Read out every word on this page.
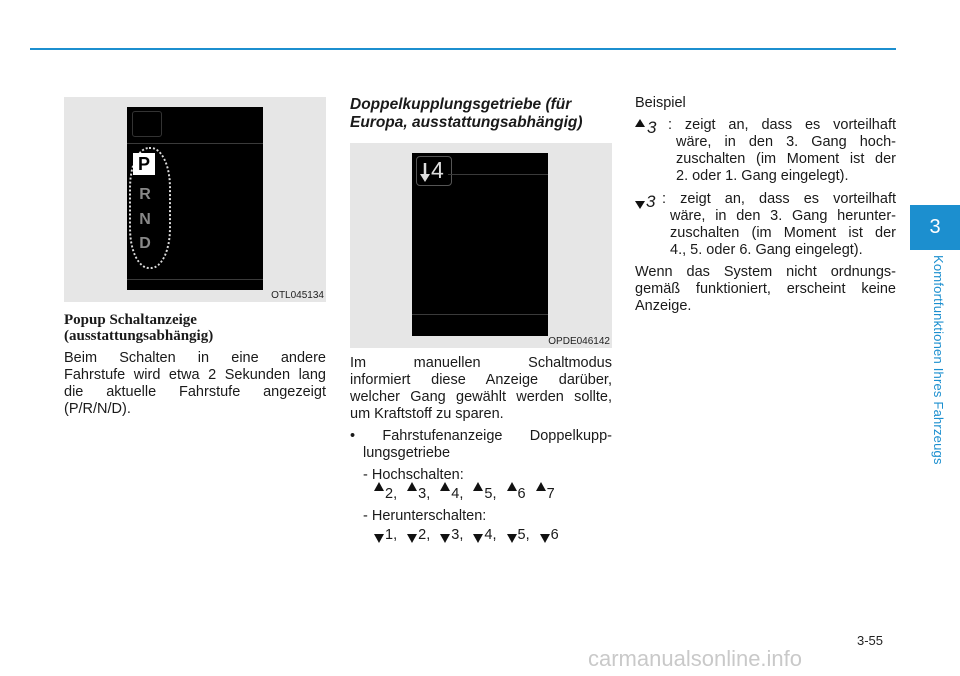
3
Komfortfunktionen Ihres Fahrzeugs
P
R
N
D
OTL045134

Popup Schaltanzeige

(ausstattungsabhängig)

Beim Schalten in eine andere

Fahrstufe wird etwa 2 Sekunden lang

die aktuelle Fahrstufe angezeigt

(P/R/N/D).

Doppelkupplungsgetriebe (für

Europa, ausstattungsabhängig)

4
OPDE046142

Im manuellen Schaltmodus

informiert diese Anzeige darüber,

welcher Gang gewählt werden sollte,

um Kraftstoff zu sparen.

• Fahrstufenanzeige Doppelkupp-

lungsgetriebe

- Hochschalten:

2, 3, 4, 5, 6 7

- Herunterschalten:

1, 2, 3, 4, 5, 6

Beispiel

3 : zeigt an, dass es vorteilhaft

wäre, in den 3. Gang hoch-

zuschalten (im Moment ist der

2. oder 1. Gang eingelegt).

3 : zeigt an, dass es vorteilhaft

wäre, in den 3. Gang herunter-

zuschalten (im Moment ist der

4., 5. oder 6. Gang eingelegt).

Wenn das System nicht ordnungs-

gemäß funktioniert, erscheint keine

Anzeige.

3-55
carmanualsonline.info
